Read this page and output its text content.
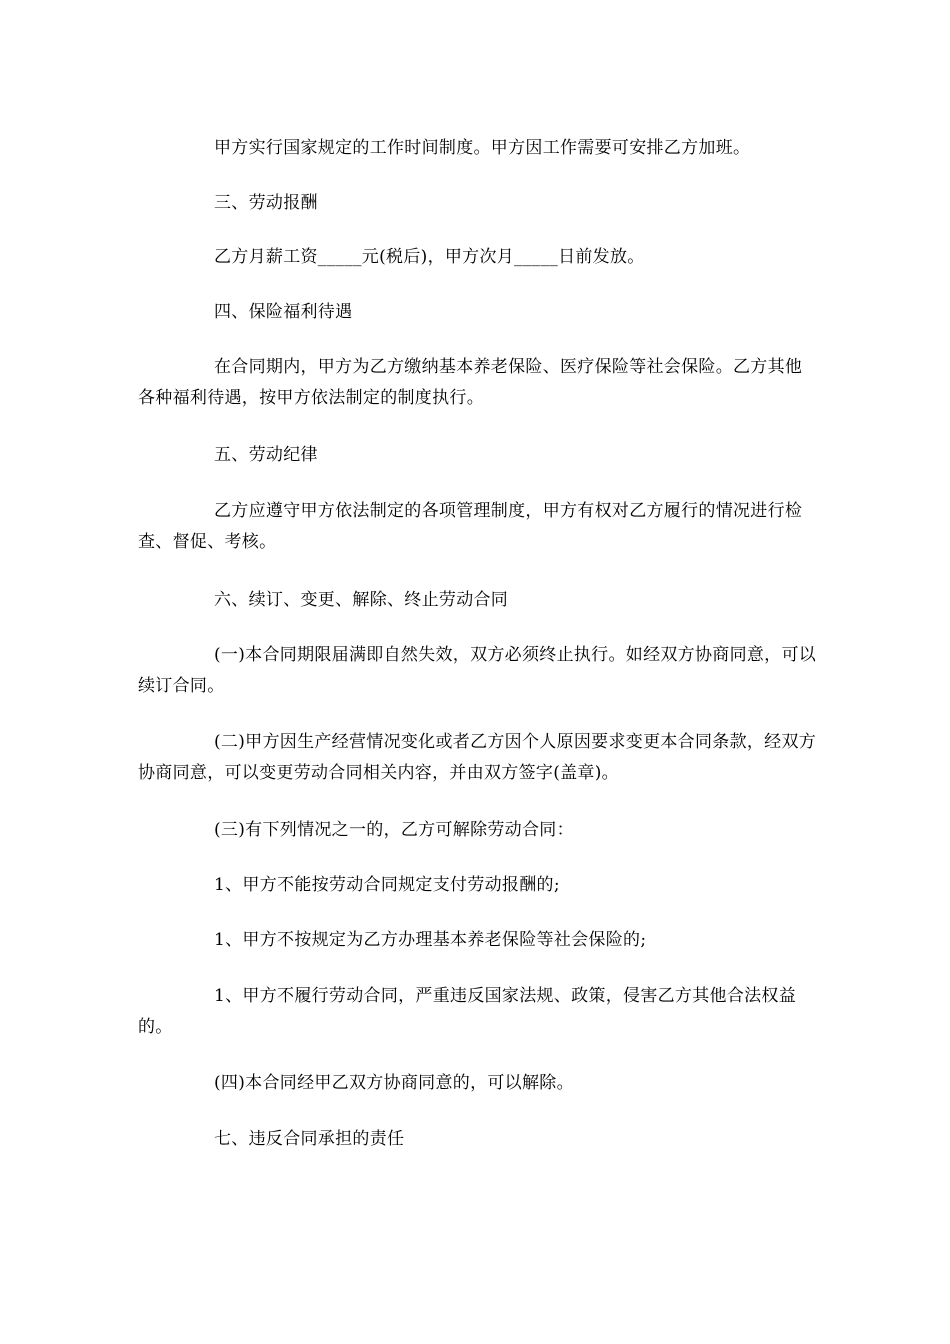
甲方实行国家规定的工作时间制度。甲方因工作需要可安排乙方加班。

三、劳动报酬

乙方月薪工资_____元(税后)，甲方次月_____日前发放。

四、保险福利待遇

在合同期内，甲方为乙方缴纳基本养老保险、医疗保险等社会保险。乙方其他各种福利待遇，按甲方依法制定的制度执行。

五、劳动纪律

乙方应遵守甲方依法制定的各项管理制度，甲方有权对乙方履行的情况进行检查、督促、考核。

六、续订、变更、解除、终止劳动合同

(一)本合同期限届满即自然失效，双方必须终止执行。如经双方协商同意，可以续订合同。

(二)甲方因生产经营情况变化或者乙方因个人原因要求变更本合同条款，经双方协商同意，可以变更劳动合同相关内容，并由双方签字(盖章)。

(三)有下列情况之一的，乙方可解除劳动合同：

1、甲方不能按劳动合同规定支付劳动报酬的;

1、甲方不按规定为乙方办理基本养老保险等社会保险的;

1、甲方不履行劳动合同，严重违反国家法规、政策，侵害乙方其他合法权益的。

(四)本合同经甲乙双方协商同意的，可以解除。

七、违反合同承担的责任
